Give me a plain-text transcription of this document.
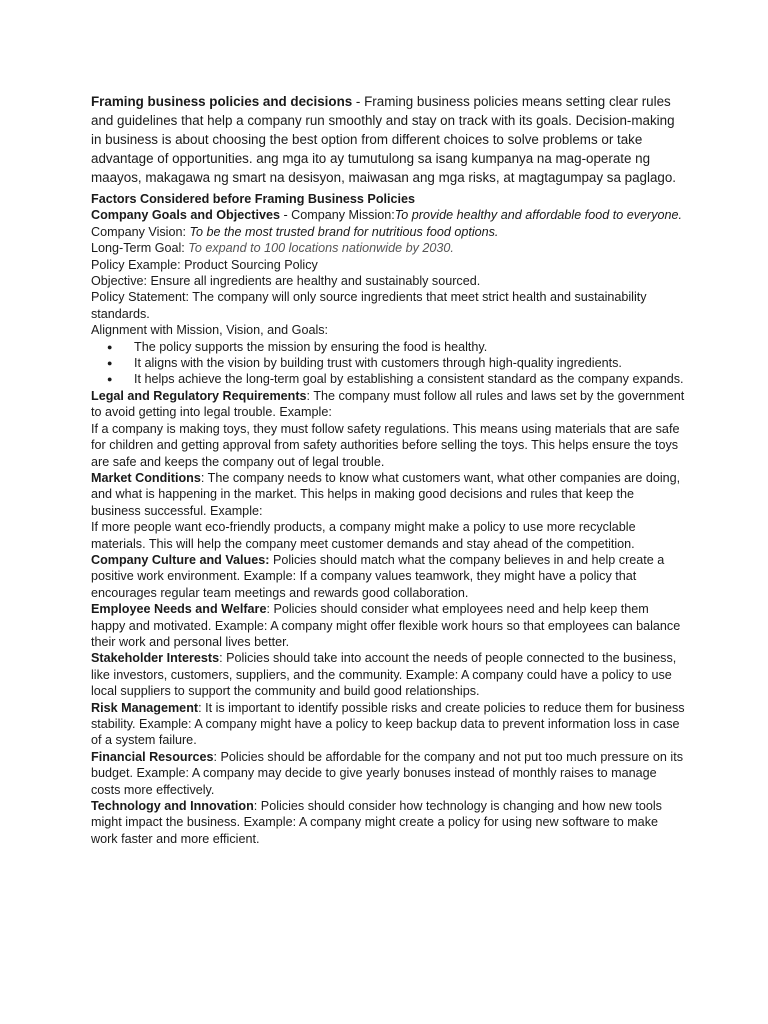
Framing business policies and decisions - Framing business policies means setting clear rules and guidelines that help a company run smoothly and stay on track with its goals. Decision-making in business is about choosing the best option from different choices to solve problems or take advantage of opportunities. ang mga ito ay tumutulong sa isang kumpanya na mag-operate ng maayos, makagawa ng smart na desisyon, maiwasan ang mga risks, at magtagumpay sa paglago.

Factors Considered before Framing Business Policies

Company Goals and Objectives - Company Mission:To provide healthy and affordable food to everyone.

Company Vision: To be the most trusted brand for nutritious food options.

Long-Term Goal: To expand to 100 locations nationwide by 2030.

Policy Example: Product Sourcing Policy

Objective: Ensure all ingredients are healthy and sustainably sourced.

Policy Statement: The company will only source ingredients that meet strict health and sustainability standards.

Alignment with Mission, Vision, and Goals:

● The policy supports the mission by ensuring the food is healthy.
● It aligns with the vision by building trust with customers through high-quality ingredients.
● It helps achieve the long-term goal by establishing a consistent standard as the company expands.

Legal and Regulatory Requirements: The company must follow all rules and laws set by the government to avoid getting into legal trouble. Example:

If a company is making toys, they must follow safety regulations. This means using materials that are safe for children and getting approval from safety authorities before selling the toys. This helps ensure the toys are safe and keeps the company out of legal trouble.

Market Conditions: The company needs to know what customers want, what other companies are doing, and what is happening in the market. This helps in making good decisions and rules that keep the business successful. Example:

If more people want eco-friendly products, a company might make a policy to use more recyclable materials. This will help the company meet customer demands and stay ahead of the competition.

Company Culture and Values: Policies should match what the company believes in and help create a positive work environment. Example: If a company values teamwork, they might have a policy that encourages regular team meetings and rewards good collaboration.

Employee Needs and Welfare: Policies should consider what employees need and help keep them happy and motivated. Example: A company might offer flexible work hours so that employees can balance their work and personal lives better.

Stakeholder Interests: Policies should take into account the needs of people connected to the business, like investors, customers, suppliers, and the community. Example: A company could have a policy to use local suppliers to support the community and build good relationships.

Risk Management: It is important to identify possible risks and create policies to reduce them for business stability. Example: A company might have a policy to keep backup data to prevent information loss in case of a system failure.

Financial Resources: Policies should be affordable for the company and not put too much pressure on its budget. Example: A company may decide to give yearly bonuses instead of monthly raises to manage costs more effectively.

Technology and Innovation: Policies should consider how technology is changing and how new tools might impact the business. Example: A company might create a policy for using new software to make work faster and more efficient.
